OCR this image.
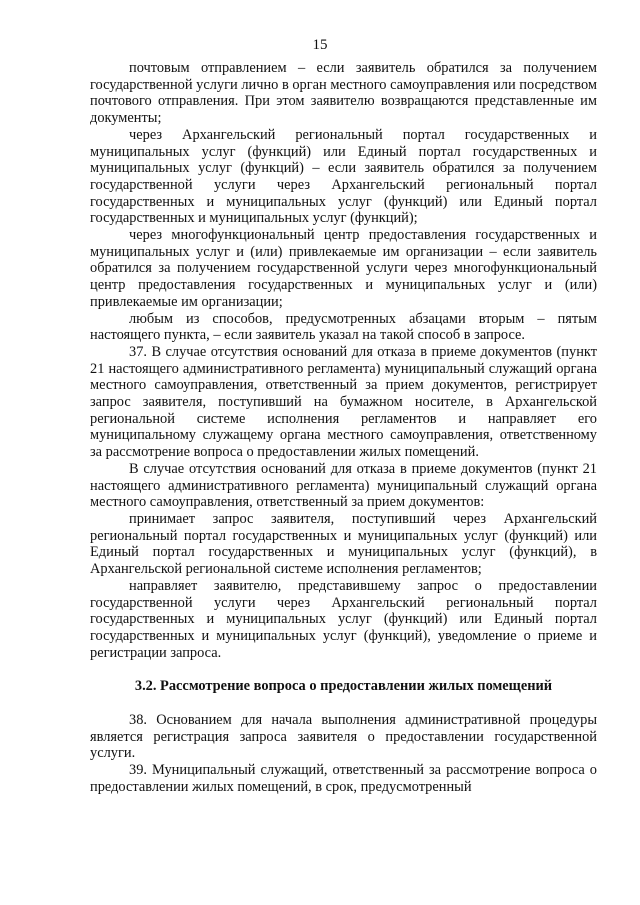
15

почтовым отправлением – если заявитель обратился за получением государственной услуги лично в орган местного самоуправления или посредством почтового отправления. При этом заявителю возвращаются представленные им документы;

через Архангельский региональный портал государственных и муниципальных услуг (функций) или Единый портал государственных и муниципальных услуг (функций) – если заявитель обратился за получением государственной услуги через Архангельский региональный портал государственных и муниципальных услуг (функций) или Единый портал государственных и муниципальных услуг (функций);

через многофункциональный центр предоставления государственных и муниципальных услуг и (или) привлекаемые им организации – если заявитель обратился за получением государственной услуги через многофункциональный центр предоставления государственных и муниципальных услуг и (или) привлекаемые им организации;

любым из способов, предусмотренных абзацами вторым – пятым настоящего пункта, – если заявитель указал на такой способ в запросе.

37. В случае отсутствия оснований для отказа в приеме документов (пункт 21 настоящего административного регламента) муниципальный служащий органа местного самоуправления, ответственный за прием документов, регистрирует запрос заявителя, поступивший на бумажном носителе, в Архангельской региональной системе исполнения регламентов и направляет его муниципальному служащему органа местного самоуправления, ответственному за рассмотрение вопроса о предоставлении жилых помещений.

В случае отсутствия оснований для отказа в приеме документов (пункт 21 настоящего административного регламента) муниципальный служащий органа местного самоуправления, ответственный за прием документов:

принимает запрос заявителя, поступивший через Архангельский региональный портал государственных и муниципальных услуг (функций) или Единый портал государственных и муниципальных услуг (функций), в Архангельской региональной системе исполнения регламентов;

направляет заявителю, представившему запрос о предоставлении государственной услуги через Архангельский региональный портал государственных и муниципальных услуг (функций) или Единый портал государственных и муниципальных услуг (функций), уведомление о приеме и регистрации запроса.

3.2. Рассмотрение вопроса о предоставлении жилых помещений

38. Основанием для начала выполнения административной процедуры является регистрация запроса заявителя о предоставлении государственной услуги.

39. Муниципальный служащий, ответственный за рассмотрение вопроса о предоставлении жилых помещений, в срок, предусмотренный
